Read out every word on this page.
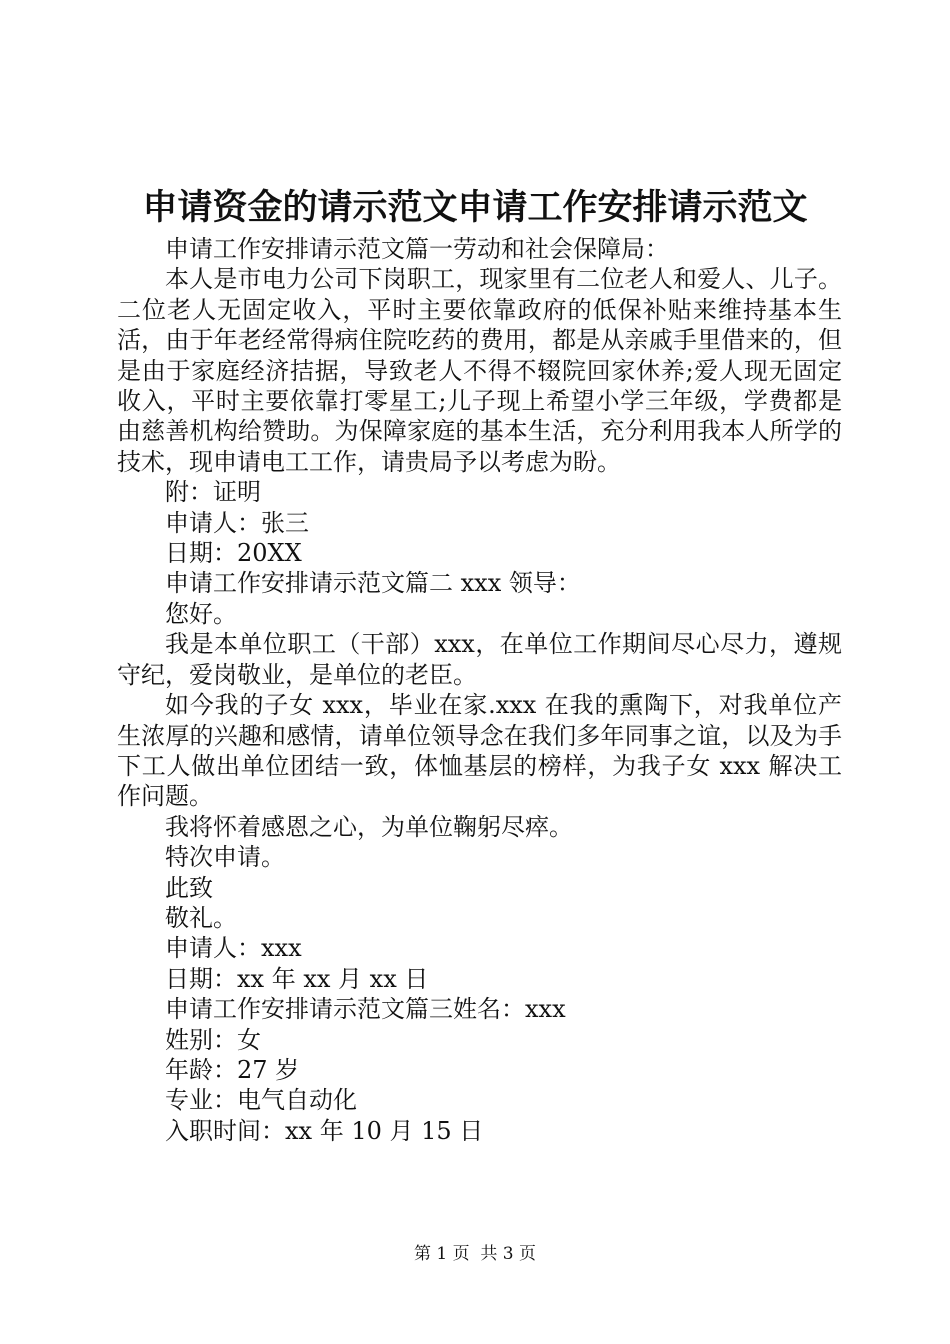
申请资金的请示范文申请工作安排请示范文

申请工作安排请示范文篇一劳动和社会保障局：

本人是市电力公司下岗职工，现家里有二位老人和爱人、儿子。二位老人无固定收入，平时主要依靠政府的低保补贴来维持基本生活，由于年老经常得病住院吃药的费用，都是从亲戚手里借来的，但是由于家庭经济拮据，导致老人不得不辍院回家休养;爱人现无固定收入，平时主要依靠打零星工;儿子现上希望小学三年级，学费都是由慈善机构给赞助。为保障家庭的基本生活，充分利用我本人所学的技术，现申请电工工作，请贵局予以考虑为盼。

附：证明

申请人：张三

日期：20XX

申请工作安排请示范文篇二 xxx 领导：

您好。

我是本单位职工（干部）xxx，在单位工作期间尽心尽力，遵规守纪，爱岗敬业，是单位的老臣。

如今我的子女 xxx，毕业在家.xxx 在我的熏陶下，对我单位产生浓厚的兴趣和感情，请单位领导念在我们多年同事之谊，以及为手下工人做出单位团结一致，体恤基层的榜样，为我子女 xxx 解决工作问题。

我将怀着感恩之心，为单位鞠躬尽瘁。

特次申请。

此致

敬礼。

申请人：xxx

日期：xx 年 xx 月 xx 日

申请工作安排请示范文篇三姓名：xxx

姓别：女

年龄：27 岁

专业：电气自动化

入职时间：xx 年 10 月 15 日

第 1 页  共 3 页
